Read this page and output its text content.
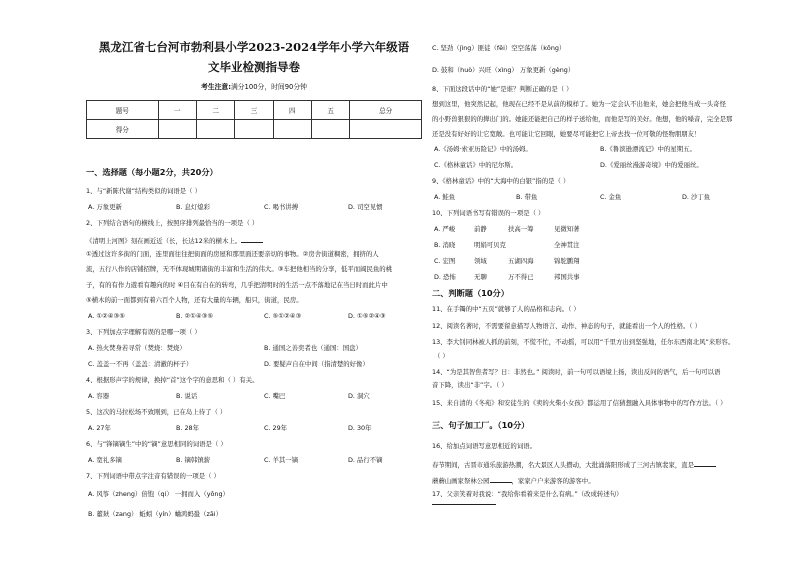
黑龙江省七台河市勃利县小学2023-2024学年小学六年级语
文毕业检测指导卷
考生注意:满分100分，时间90分钟
题号	一	二	三	四	五	总分
得分						
一、选择题（每小题2分，共20分）
1、与“新陈代谢”结构类似的词语是（ ）
A. 万象更新	B. 息灯熄彩	C. 喝书讲搏	D. 司空见惯
2、下列结合语句的横线上，按照序排列最恰当的一项是（ ）
《清明上河图》刻在画近近（长，长达12米的横木上。
①透过这许多街的门面，连里面往往把街面的房屋和那里面还要亲切的事物。②房舍街道稠密，拥挤的人
流，五行八作的店铺招牌，无不体现城期诸街的丰富和生活的伟大。③车把他相当的分享，低平而阔民鱼的桃
子，有的有作力遊看有趣向的时 ④目在有自在的转弯，几乎把清明时的生活一点不落地记在当日时而此片中
⑤横木的前一面都到有着六百个人物，还有大量的车辆，船只，街道，民房。
A. ①②④③⑤	B. ②①④③⑤	C. ⑤①②④③	D. ①⑤②④③
3、下列加点字理解有误的是哪一项（ ）
A. 热火焚身若寻常（焚烧：焚烧）	B. 通国之善奕者也（通国：国盘）
C. 盖盖一不再（盖盖：清澈的杯子）	D. 要疑声自在中间（指清楚的好像）
4、根据形声字的规律，换掉“首”这个字的意思和（ ）有关。
A. 容器	B. 说话	C. 嘴巴	D. 洞穴
5、这次的马拉松场不致刚到，已在岛上待了（ ）
A. 27年	B. 28年	C. 29年	D. 30年
6、与“锋镝镝生”中的“镝”意思相同的词语是（ ）
A. 宽礼多镝	B. 镝韩镇薪	C. 羊其一镝	D. 品行不镝
7、下列词语中带点字注音有错误的一项是（ ）
A. 风筝（zheng）倍饱（qi） 一拥而入（yōng）
B. 藿麸（zang） 蚯蚓（yín）蛐鸿蚂蛩（zāi）
C. 坚劲（jìng）匪徒（fěi）空空荡荡（kōng）
D. 鼓和（huò）兴旺（xìng） 万象更新（gèng）
8、下面这段话中的“她”是谁？判断正确的是（ ）
想到这里，他突然记起，他现在已经不是从前的模样了。她为一定会认不出他来，她会把他当成一头奇怪
的小野兽狠狠的的撵出门的。她能还能把自己的样子送给他，而他是写的美好。他想，他的嗓音，完全是那
还是没有好好的让它宽敞。也可能让它回眼，她要尽可能把它上帝去找一位可敬的怪物朋朋友！
A.《汤姆·索亚历险记》中的汤姆。	B.《鲁滨逊漂流记》中的星期五。
C.《格林童话》中的尼尔斯。	D.《爱丽丝漫游奇境》中的爱丽丝。
9、《格林童话》中的“大海中的白银”指的是（ ）
A. 鲑鱼	B. 带鱼	C. 金鱼	D. 沙丁鱼
10、下列词语书写有错误的一项是（ ）
A. 严峻	前静	扶高一筹	见微知著
B. 消晓	明娟可贝克	全神贯注
C. 宏图	领域	五湖四海	锦鸵鹏翔
D. 恐怖	无聊	万不得已	邦国共事
二、判断题（10分）
11、在手镯的中“五页”就够了人的品格和志向。（ ）
12、阅读名著时，不需要留意描写人物语言、动作、神态的句子，就能看出一个人的性格。（ ）
13、李大钊同林被人抓的前刻，不慌不忙，不动摇，可以用“千里方出到坚强地，任尔东西南北风”来形容。
（ ）
14、“为是其智焦者写？日：非然也。” 阅读时，前一句可以语境上扬，读出反问的语气，后一句可以语
音下降，读出“非”字。（ ）
15、来自清的《冬苑》和安徒生的《卖的火柴小女孩》都运用了信猜想融入具体事物中的写作方法。（ ）
三、句子加工厂。（10分）
16、给加点词语写意思相近的词语。
春节期间，古晋市通乐旅游热潮，名大景区人头攒动，大批涌落阳形成了三河古镇裴家，直是
蘑蘑山画家祭林公园	，家家户户来游客的游客中。
17、父亲笑着对我说：“我给你看着来是什么有病。”（改成转述句）
